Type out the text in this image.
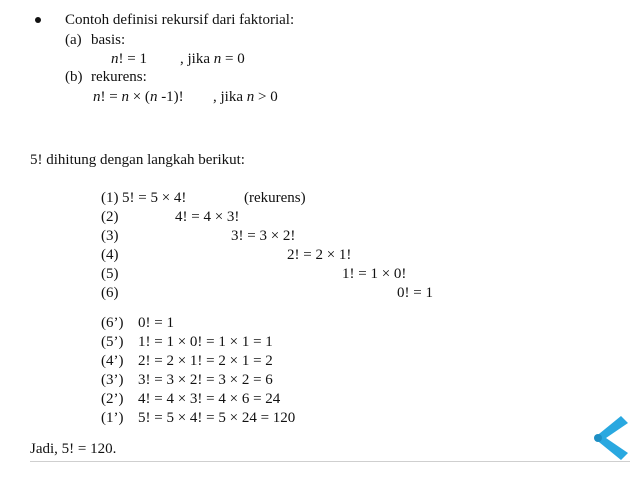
Contoh definisi rekursif dari faktorial:
(a) basis:
n! = 1 , jika n = 0
(b) rekurens:
n! = n × (n -1)! , jika n > 0
5! dihitung dengan langkah berikut:
(1) 5! = 5 × 4!	(rekurens)
(2)	4! = 4 × 3!
(3)	3! = 3 × 2!
(4)	2! = 2 × 1!
(5)	1! = 1 × 0!
(6)	0! = 1
(6’) 0! = 1
(5’) 1! = 1 × 0! = 1 × 1 = 1
(4’) 2! = 2 × 1! = 2 × 1 = 2
(3’) 3! = 3 × 2! = 3 × 2 = 6
(2’) 4! = 4 × 3! = 4 × 6 = 24
(1’) 5! = 5 × 4! = 5 × 24 = 120
Jadi, 5! = 120.
